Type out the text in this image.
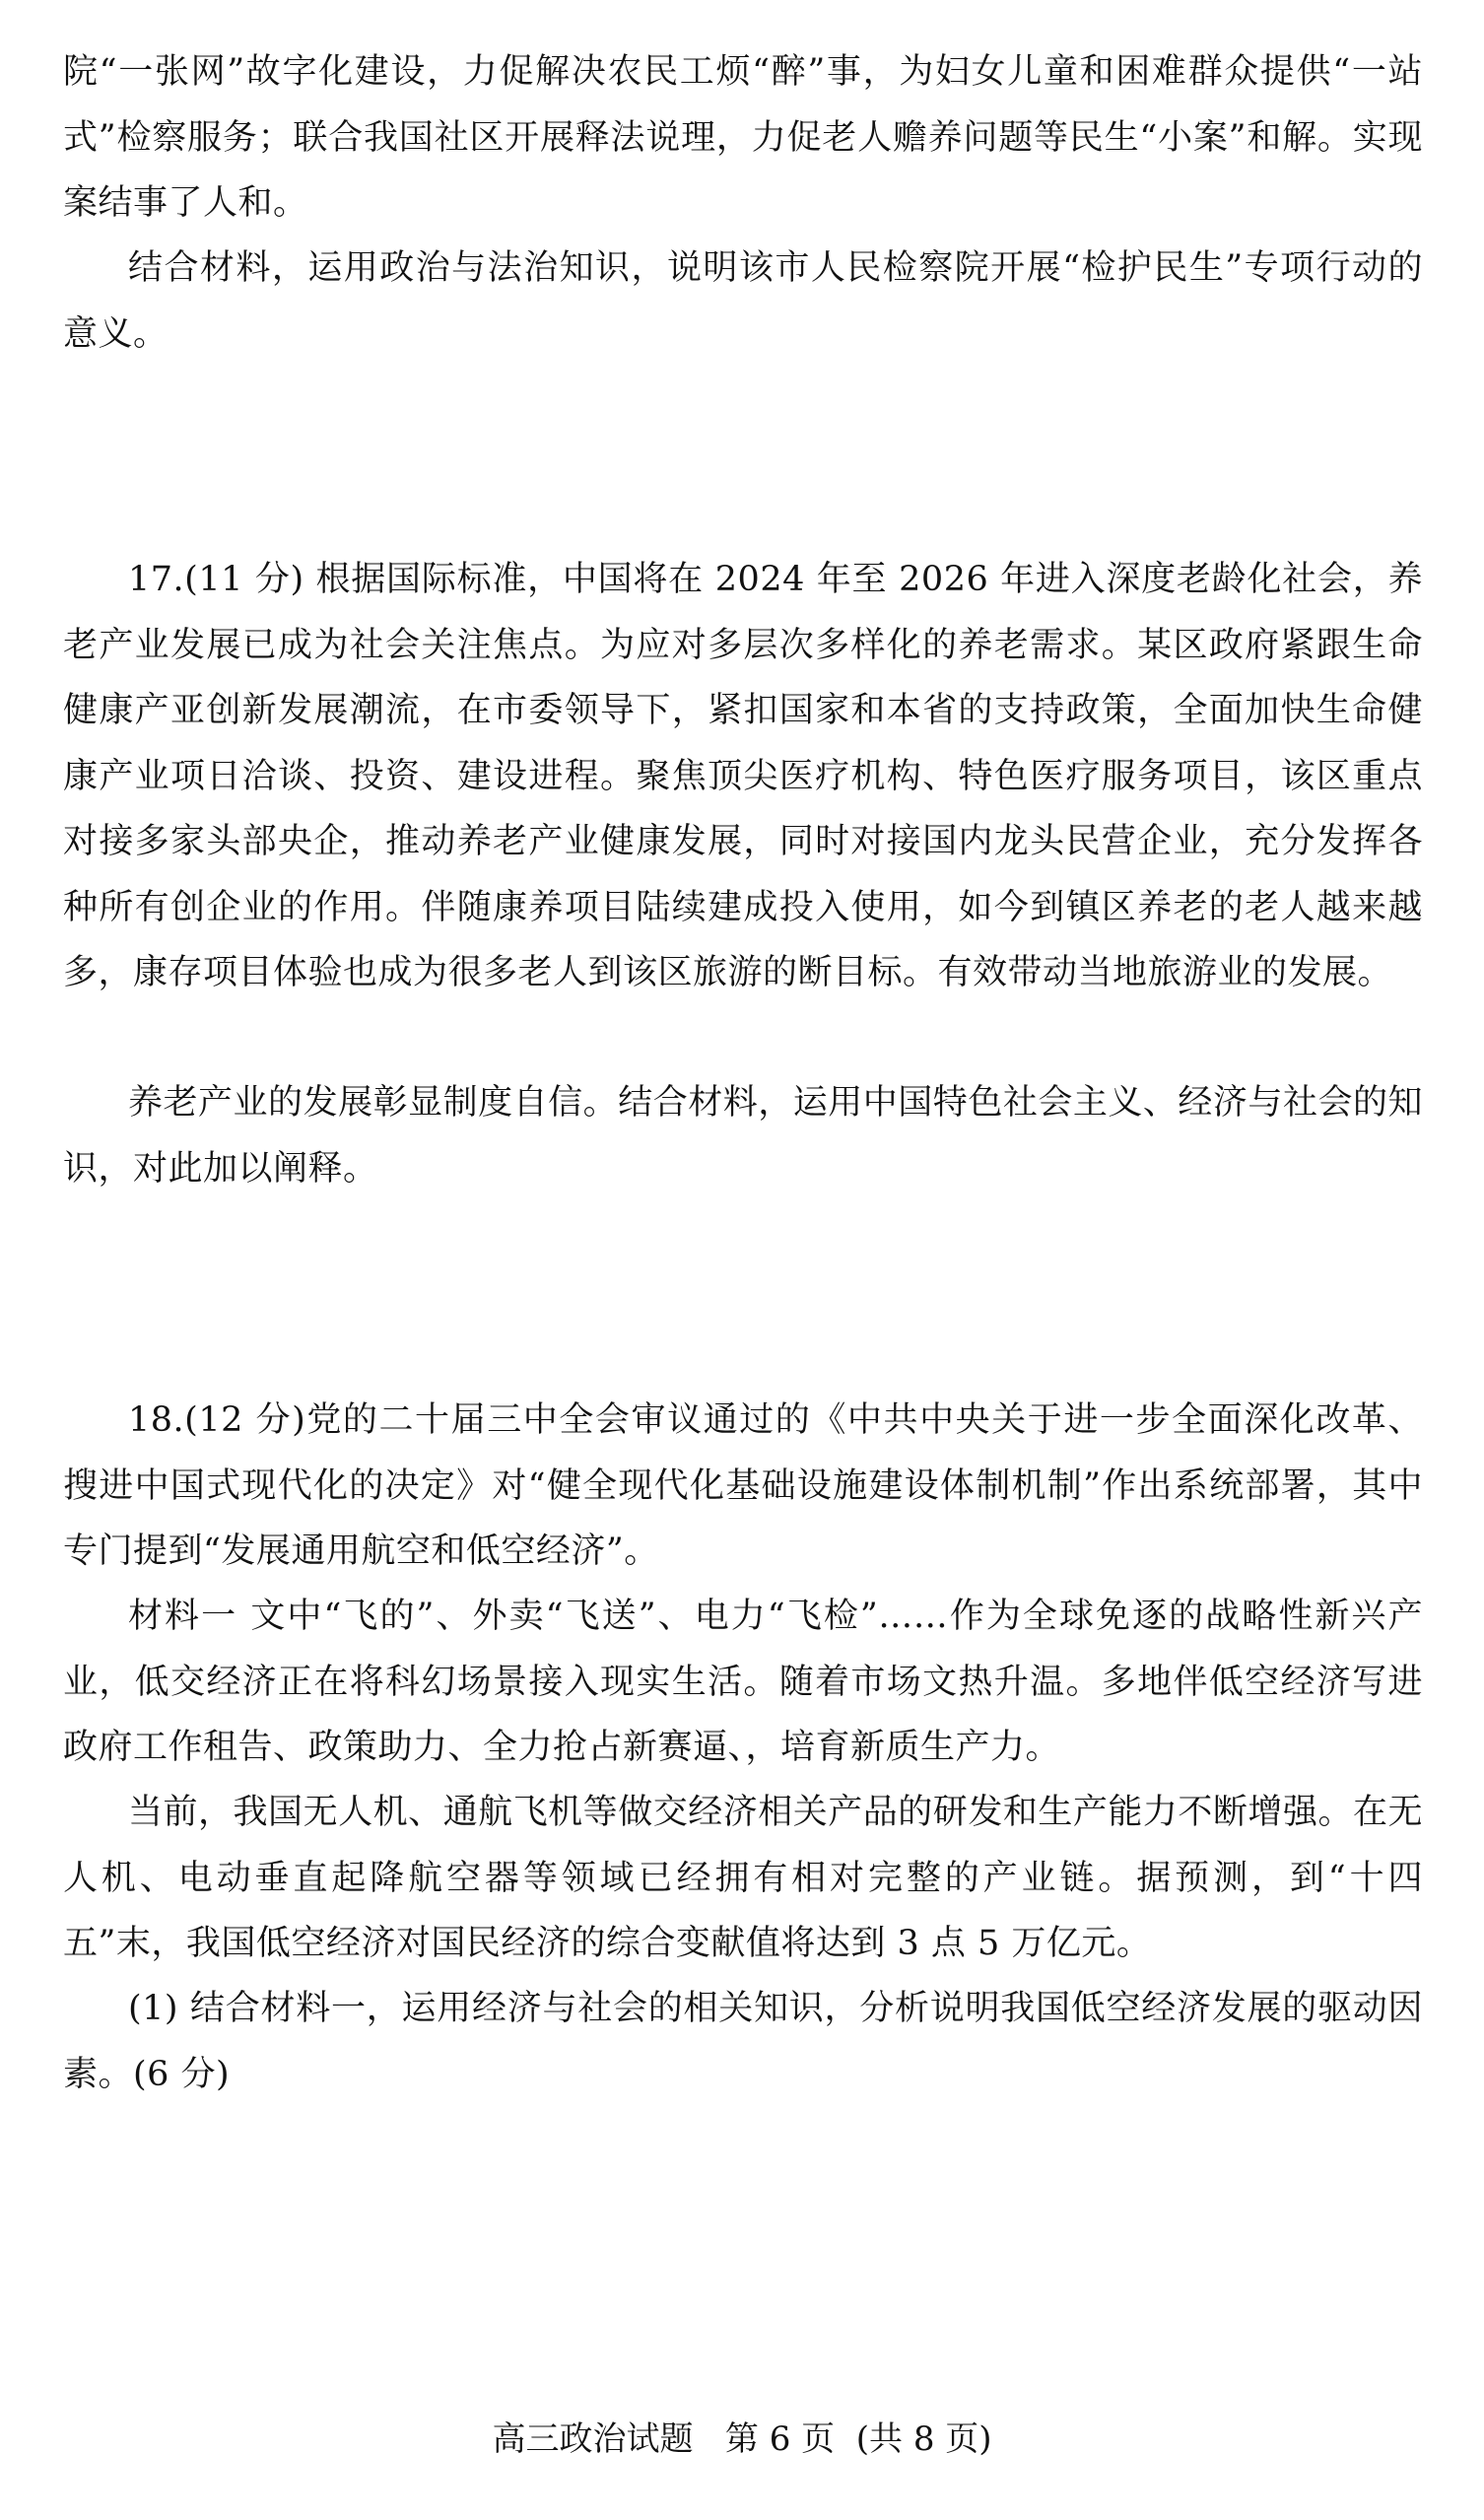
院“一张网”故字化建设，力促解决农民工烦“醉”事，为妇女儿童和困难群众提供“一站式”检察服务；联合我国社区开展释法说理，力促老人赡养问题等民生“小案”和解。实现案结事了人和。

结合材料，运用政治与法治知识，说明该市人民检察院开展“检护民生”专项行动的意义。

17.(11 分) 根据国际标准，中国将在 2024 年至 2026 年进入深度老龄化社会，养老产业发展已成为社会关注焦点。为应对多层次多样化的养老需求。某区政府紧跟生命健康产亚创新发展潮流，在市委领导下，紧扣国家和本省的支持政策，全面加快生命健康产业项日洽谈、投资、建设进程。聚焦顶尖医疗机构、特色医疗服务项目，该区重点对接多家头部央企，推动养老产业健康发展，同时对接国内龙头民营企业，充分发挥各种所有创企业的作用。伴随康养项目陆续建成投入使用，如今到镇区养老的老人越来越多，康存项目体验也成为很多老人到该区旅游的断目标。有效带动当地旅游业的发展。

养老产业的发展彰显制度自信。结合材料，运用中国特色社会主义、经济与社会的知识，对此加以阐释。

18.(12 分)党的二十届三中全会审议通过的《中共中央关于进一步全面深化改革、搜进中国式现代化的决定》对“健全现代化基础设施建设体制机制”作出系统部署，其中专门提到“发展通用航空和低空经济”。

材料一 文中“飞的”、外卖“飞送”、电力“飞检”……作为全球免逐的战略性新兴产业，低交经济正在将科幻场景接入现实生活。随着市场文热升温。多地伴低空经济写进政府工作租告、政策助力、全力抢占新赛逼、，培育新质生产力。

当前，我国无人机、通航飞机等做交经济相关产品的研发和生产能力不断增强。在无人机、电动垂直起降航空器等领域已经拥有相对完整的产业链。据预测，到“十四五”末，我国低空经济对国民经济的综合变献值将达到 3 点 5 万亿元。

(1) 结合材料一，运用经济与社会的相关知识，分析说明我国低空经济发展的驱动因素。(6 分)

高三政治试题   第 6 页  (共 8 页)
